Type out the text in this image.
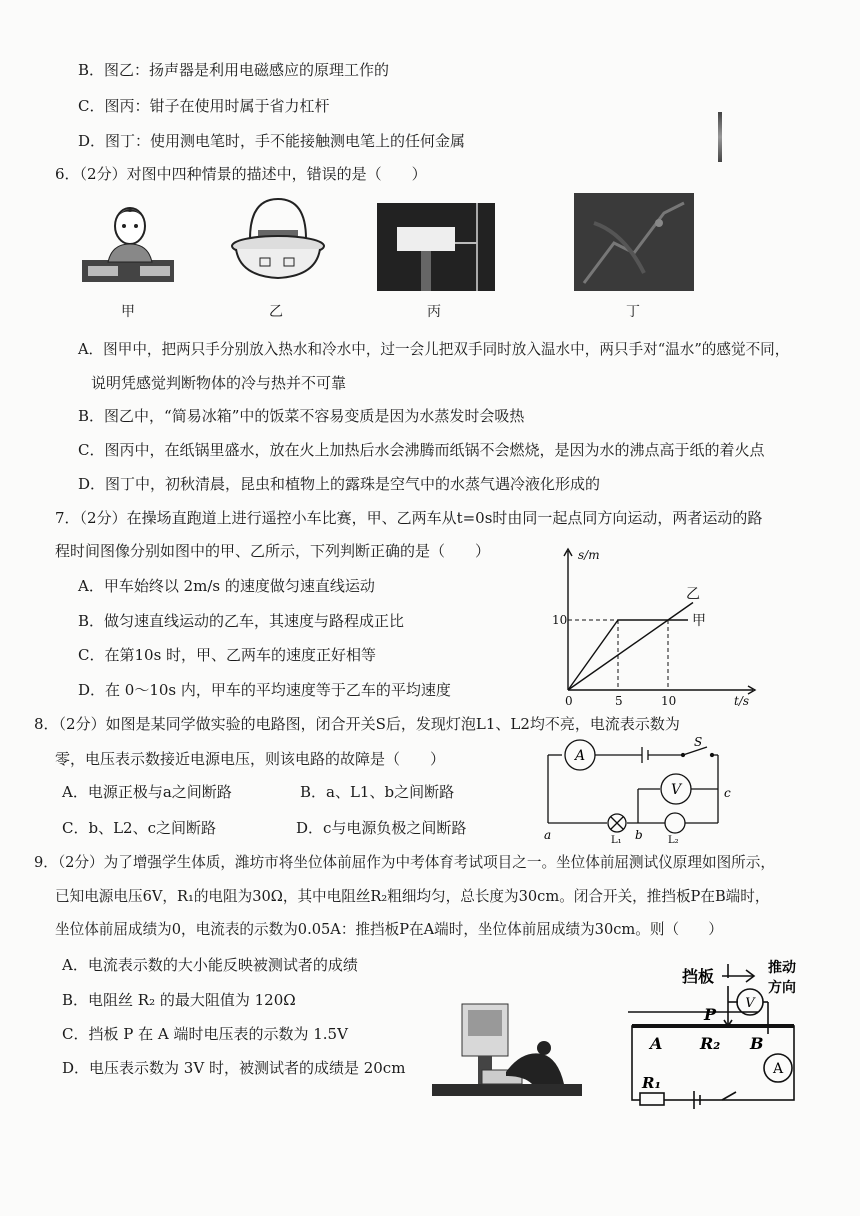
B．图乙：扬声器是利用电磁感应的原理工作的
C．图丙：钳子在使用时属于省力杠杆
D．图丁：使用测电笔时，手不能接触测电笔上的任何金属
6．（2分）对图中四种情景的描述中，错误的是（　　）
甲	乙	丙	丁
A．图甲中，把两只手分别放入热水和冷水中，过一会儿把双手同时放入温水中，两只手对“温水”的感觉不同，
说明凭感觉判断物体的冷与热并不可靠
B．图乙中，“简易冰箱”中的饭菜不容易变质是因为水蒸发时会吸热
C．图丙中，在纸锅里盛水，放在火上加热后水会沸腾而纸锅不会燃烧，是因为水的沸点高于纸的着火点
D．图丁中，初秋清晨，昆虫和植物上的露珠是空气中的水蒸气遇冷液化形成的
7．（2分）在操场直跑道上进行遥控小车比赛，甲、乙两车从t=0s时由同一起点同方向运动，两者运动的路
程时间图像分别如图中的甲、乙所示，下列判断正确的是（　　）
A．甲车始终以 2m/s 的速度做匀速直线运动
B．做匀速直线运动的乙车，其速度与路程成正比
C．在第10s 时，甲、乙两车的速度正好相等
D．在 0～10s 内，甲车的平均速度等于乙车的平均速度
0	5	10
10
t/s
s/m
甲
乙
8．（2分）如图是某同学做实验的电路图，闭合开关S后，发现灯泡L1、L2均不亮，电流表示数为
零，电压表示数接近电源电压，则该电路的故障是（　　）
A．电源正极与a之间断路	B．a、L1、b之间断路
C．b、L2、c之间断路	D．c与电源负极之间断路
A
V
S
a	b
c
L₁	L₂
9．（2分）为了增强学生体质，潍坊市将坐位体前屈作为中考体育考试项目之一。坐位体前屈测试仪原理如图所示，
已知电源电压6V，R₁的电阻为30Ω，其中电阻丝R₂粗细均匀，总长度为30cm。闭合开关，推挡板P在B端时，
坐位体前屈成绩为0，电流表的示数为0.05A：推挡板P在A端时，坐位体前屈成绩为30cm。则（　　）
A．电流表示数的大小能反映被测试者的成绩
B．电阻丝 R₂ 的最大阻值为 120Ω
C．挡板 P 在 A 端时电压表的示数为 1.5V
D．电压表示数为 3V 时，被测试者的成绩是 20cm
挡板	推动
方向
V
P
A R₂ B
A
R₁
